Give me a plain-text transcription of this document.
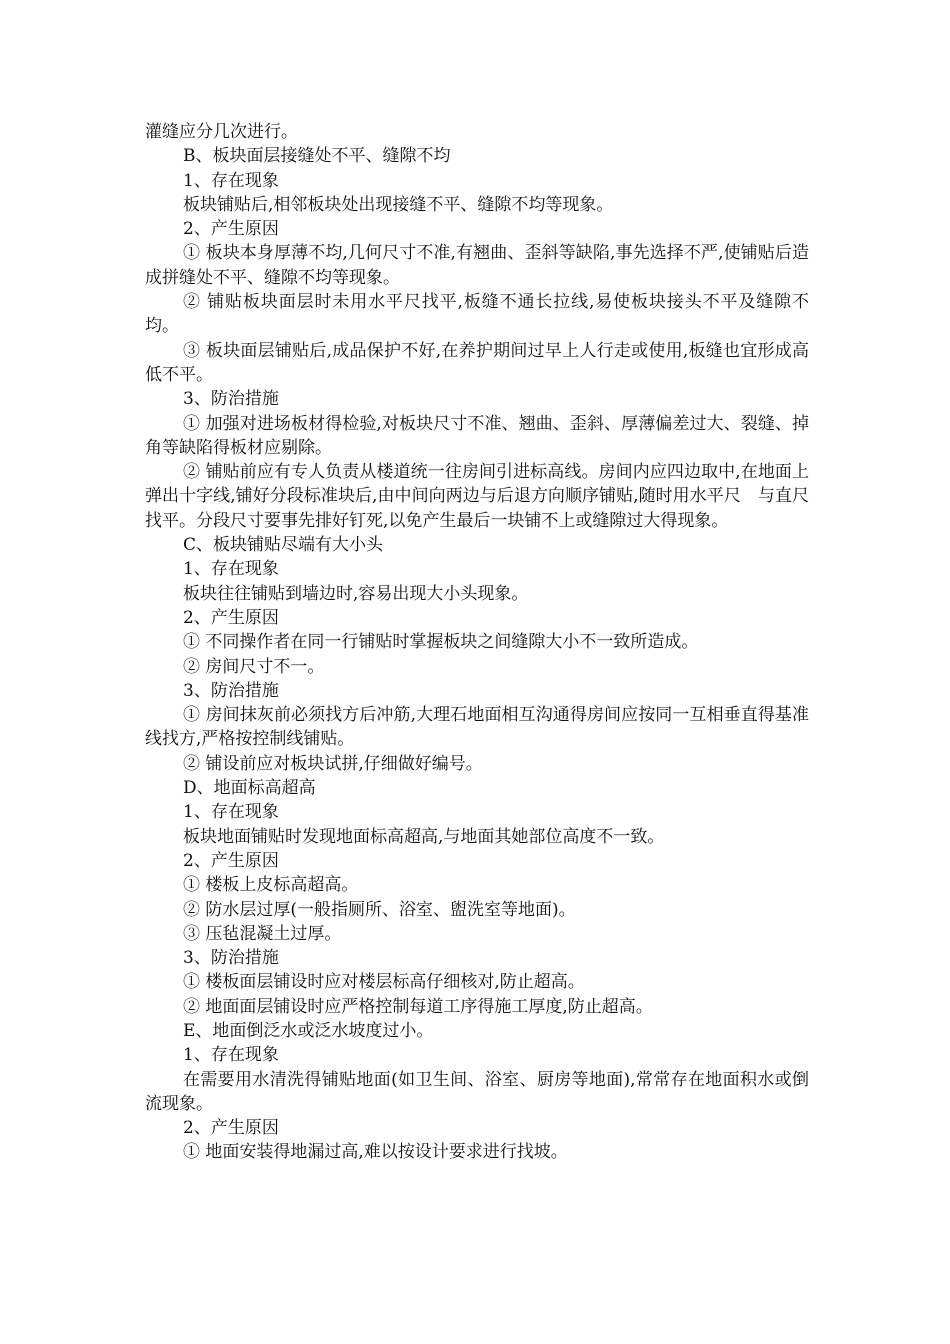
灌缝应分几次进行。

B、板块面层接缝处不平、缝隙不均

1、存在现象

板块铺贴后,相邻板块处出现接缝不平、缝隙不均等现象。

2、产生原因

① 板块本身厚薄不均,几何尺寸不准,有翘曲、歪斜等缺陷,事先选择不严,使铺贴后造成拼缝处不平、缝隙不均等现象。

② 铺贴板块面层时未用水平尺找平,板缝不通长拉线,易使板块接头不平及缝隙不均。

③ 板块面层铺贴后,成品保护不好,在养护期间过早上人行走或使用,板缝也宜形成高低不平。

3、防治措施

① 加强对进场板材得检验,对板块尺寸不准、翘曲、歪斜、厚薄偏差过大、裂缝、掉角等缺陷得板材应剔除。

② 铺贴前应有专人负责从楼道统一往房间引进标高线。房间内应四边取中,在地面上弹出十字线,铺好分段标准块后,由中间向两边与后退方向顺序铺贴,随时用水平尺　与直尺找平。分段尺寸要事先排好钉死,以免产生最后一块铺不上或缝隙过大得现象。

C、板块铺贴尽端有大小头

1、存在现象

板块往往铺贴到墙边时,容易出现大小头现象。

2、产生原因

① 不同操作者在同一行铺贴时掌握板块之间缝隙大小不一致所造成。

② 房间尺寸不一。

3、防治措施

① 房间抹灰前必须找方后冲筋,大理石地面相互沟通得房间应按同一互相垂直得基准线找方,严格按控制线铺贴。

② 铺设前应对板块试拼,仔细做好编号。

D、地面标高超高

1、存在现象

板块地面铺贴时发现地面标高超高,与地面其她部位高度不一致。

2、产生原因

① 楼板上皮标高超高。

② 防水层过厚(一般指厕所、浴室、盥洗室等地面)。

③ 压毡混凝土过厚。

3、防治措施

① 楼板面层铺设时应对楼层标高仔细核对,防止超高。

② 地面面层铺设时应严格控制每道工序得施工厚度,防止超高。

E、地面倒泛水或泛水坡度过小。

1、存在现象

在需要用水清洗得铺贴地面(如卫生间、浴室、厨房等地面),常常存在地面积水或倒流现象。

2、产生原因

① 地面安装得地漏过高,难以按设计要求进行找坡。
